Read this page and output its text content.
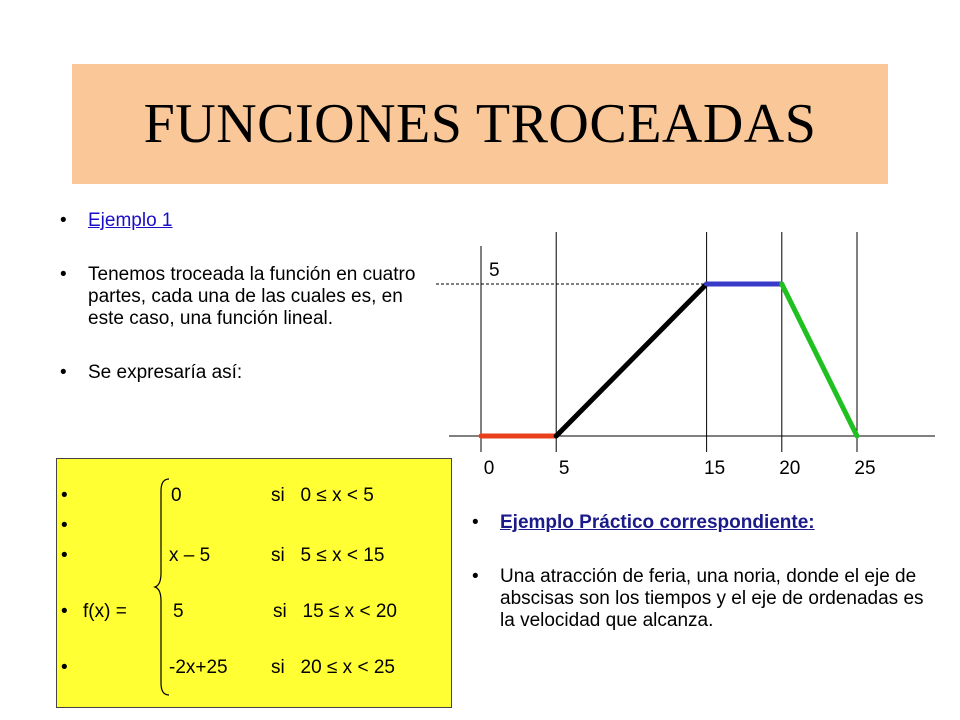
FUNCIONES TROCEADAS
• Ejemplo 1
• Tenemos troceada la función en cuatro partes, cada una de las cuales es, en este caso, una función lineal.
• Se expresaría así:
•
•
•
•
•
0	si   0 ≤ x < 5
x – 5	si   5 ≤ x < 15
f(x) = 5	si   15 ≤ x < 20
-2x+25 si   20 ≤ x < 25
0	5	15	20	25
5
• Ejemplo Práctico correspondiente:
• Una atracción de feria, una noria, donde el eje de abscisas son los tiempos y el eje de ordenadas es la velocidad que alcanza.
